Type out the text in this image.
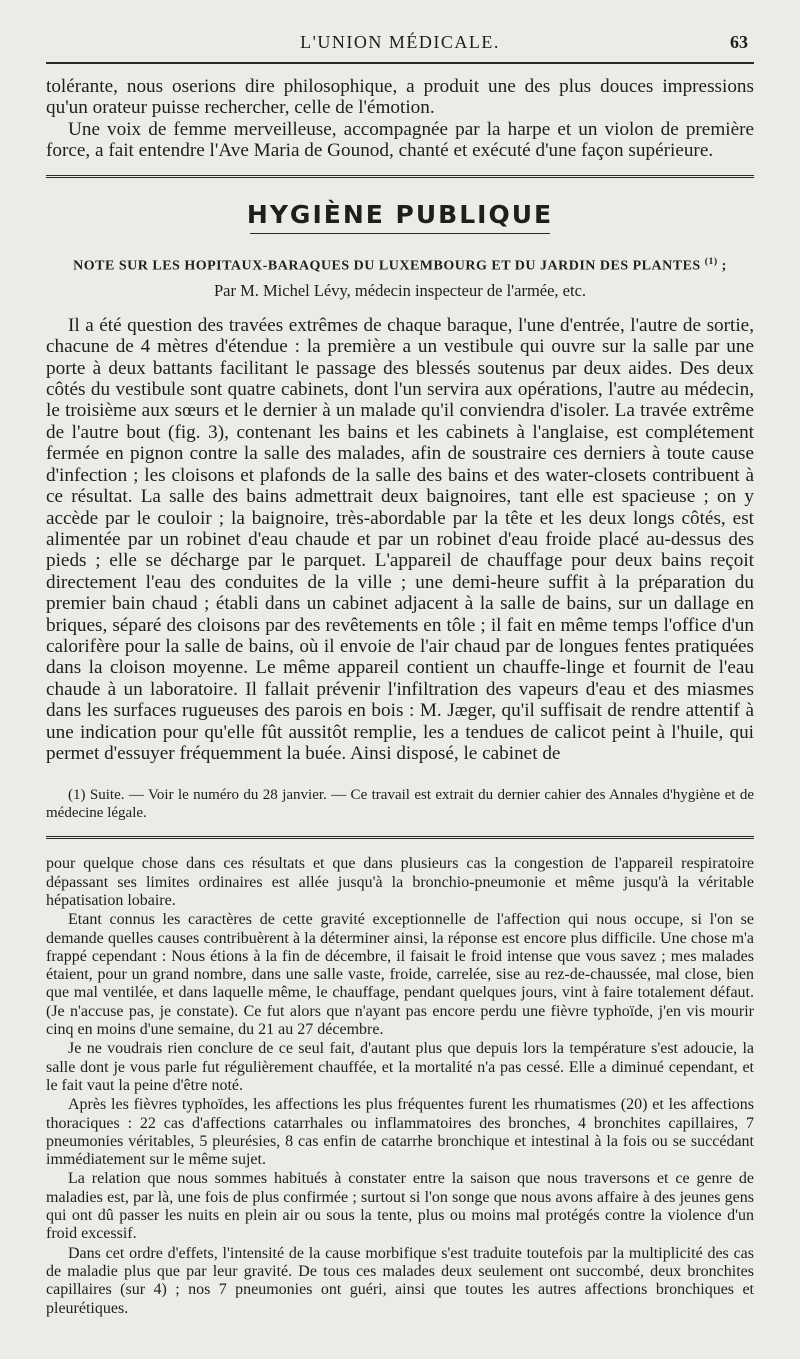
L'UNION MÉDICALE.	63

tolérante, nous oserions dire philosophique, a produit une des plus douces impressions qu'un orateur puisse rechercher, celle de l'émotion.

Une voix de femme merveilleuse, accompagnée par la harpe et un violon de première force, a fait entendre l'Ave Maria de Gounod, chanté et exécuté d'une façon supérieure.

HYGIÈNE PUBLIQUE
NOTE SUR LES HOPITAUX-BARAQUES DU LUXEMBOURG ET DU JARDIN DES PLANTES $^{(1)}$ ;
Par M. Michel Lévy, médecin inspecteur de l'armée, etc.

Il a été question des travées extrêmes de chaque baraque, l'une d'entrée, l'autre de sortie, chacune de 4 mètres d'étendue : la première a un vestibule qui ouvre sur la salle par une porte à deux battants facilitant le passage des blessés soutenus par deux aides. Des deux côtés du vestibule sont quatre cabinets, dont l'un servira aux opérations, l'autre au médecin, le troisième aux sœurs et le dernier à un malade qu'il conviendra d'isoler. La travée extrême de l'autre bout (fig. 3), contenant les bains et les cabinets à l'anglaise, est complétement fermée en pignon contre la salle des malades, afin de soustraire ces derniers à toute cause d'infection ; les cloisons et plafonds de la salle des bains et des water-closets contribuent à ce résultat. La salle des bains admettrait deux baignoires, tant elle est spacieuse ; on y accède par le couloir ; la baignoire, très-abordable par la tête et les deux longs côtés, est alimentée par un robinet d'eau chaude et par un robinet d'eau froide placé au-dessus des pieds ; elle se décharge par le parquet. L'appareil de chauffage pour deux bains reçoit directement l'eau des conduites de la ville ; une demi-heure suffit à la préparation du premier bain chaud ; établi dans un cabinet adjacent à la salle de bains, sur un dallage en briques, séparé des cloisons par des revêtements en tôle ; il fait en même temps l'office d'un calorifère pour la salle de bains, où il envoie de l'air chaud par de longues fentes pratiquées dans la cloison moyenne. Le même appareil contient un chauffe-linge et fournit de l'eau chaude à un laboratoire. Il fallait prévenir l'infiltration des vapeurs d'eau et des miasmes dans les surfaces rugueuses des parois en bois : M. Jæger, qu'il suffisait de rendre attentif à une indication pour qu'elle fût aussitôt remplie, les a tendues de calicot peint à l'huile, qui permet d'essuyer fréquemment la buée. Ainsi disposé, le cabinet de

(1) Suite. — Voir le numéro du 28 janvier. — Ce travail est extrait du dernier cahier des Annales d'hygiène et de médecine légale.

pour quelque chose dans ces résultats et que dans plusieurs cas la congestion de l'appareil respiratoire dépassant ses limites ordinaires est allée jusqu'à la bronchio-pneumonie et même jusqu'à la véritable hépatisation lobaire.

Etant connus les caractères de cette gravité exceptionnelle de l'affection qui nous occupe, si l'on se demande quelles causes contribuèrent à la déterminer ainsi, la réponse est encore plus difficile. Une chose m'a frappé cependant : Nous étions à la fin de décembre, il faisait le froid intense que vous savez ; mes malades étaient, pour un grand nombre, dans une salle vaste, froide, carrelée, sise au rez-de-chaussée, mal close, bien que mal ventilée, et dans laquelle même, le chauffage, pendant quelques jours, vint à faire totalement défaut. (Je n'accuse pas, je constate). Ce fut alors que n'ayant pas encore perdu une fièvre typhoïde, j'en vis mourir cinq en moins d'une semaine, du 21 au 27 décembre.

Je ne voudrais rien conclure de ce seul fait, d'autant plus que depuis lors la température s'est adoucie, la salle dont je vous parle fut régulièrement chauffée, et la mortalité n'a pas cessé. Elle a diminué cependant, et le fait vaut la peine d'être noté.

Après les fièvres typhoïdes, les affections les plus fréquentes furent les rhumatismes (20) et les affections thoraciques : 22 cas d'affections catarrhales ou inflammatoires des bronches, 4 bronchites capillaires, 7 pneumonies véritables, 5 pleurésies, 8 cas enfin de catarrhe bronchique et intestinal à la fois ou se succédant immédiatement sur le même sujet.

La relation que nous sommes habitués à constater entre la saison que nous traversons et ce genre de maladies est, par là, une fois de plus confirmée ; surtout si l'on songe que nous avons affaire à des jeunes gens qui ont dû passer les nuits en plein air ou sous la tente, plus ou moins mal protégés contre la violence d'un froid excessif.

Dans cet ordre d'effets, l'intensité de la cause morbifique s'est traduite toutefois par la multiplicité des cas de maladie plus que par leur gravité. De tous ces malades deux seulement ont succombé, deux bronchites capillaires (sur 4) ; nos 7 pneumonies ont guéri, ainsi que toutes les autres affections bronchiques et pleurétiques.
